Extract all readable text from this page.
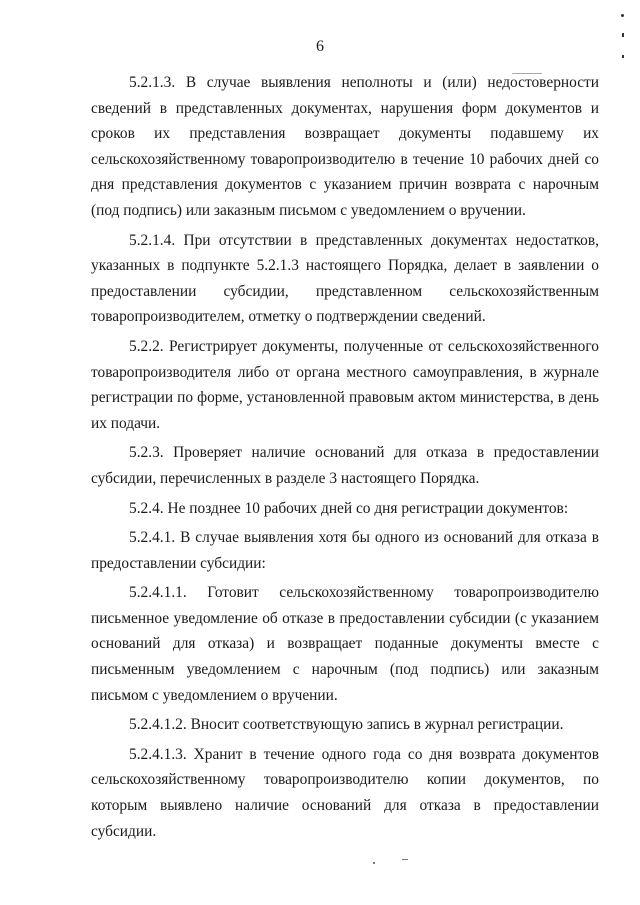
6

5.2.1.3. В случае выявления неполноты и (или) недостоверности сведений в представленных документах, нарушения форм документов и сроков их представления возвращает документы подавшему их сельскохозяйственному товаропроизводителю в течение 10 рабочих дней со дня представления документов с указанием причин возврата с нарочным (под подпись) или заказным письмом с уведомлением о вручении.

5.2.1.4. При отсутствии в представленных документах недостатков, указанных в подпункте 5.2.1.3 настоящего Порядка, делает в заявлении о предоставлении субсидии, представленном сельскохозяйственным товаропроизводителем, отметку о подтверждении сведений.

5.2.2. Регистрирует документы, полученные от сельскохозяйственного товаропроизводителя либо от органа местного самоуправления, в журнале регистрации по форме, установленной правовым актом министерства, в день их подачи.

5.2.3. Проверяет наличие оснований для отказа в предоставлении субсидии, перечисленных в разделе 3 настоящего Порядка.

5.2.4. Не позднее 10 рабочих дней со дня регистрации документов:

5.2.4.1. В случае выявления хотя бы одного из оснований для отказа в предоставлении субсидии:

5.2.4.1.1. Готовит сельскохозяйственному товаропроизводителю письменное уведомление об отказе в предоставлении субсидии (с указанием оснований для отказа) и возвращает поданные документы вместе с письменным уведомлением с нарочным (под подпись) или заказным письмом с уведомлением о вручении.

5.2.4.1.2. Вносит соответствующую запись в журнал регистрации.

5.2.4.1.3. Хранит в течение одного года со дня возврата документов сельскохозяйственному товаропроизводителю копии документов, по которым выявлено наличие оснований для отказа в предоставлении субсидии.
